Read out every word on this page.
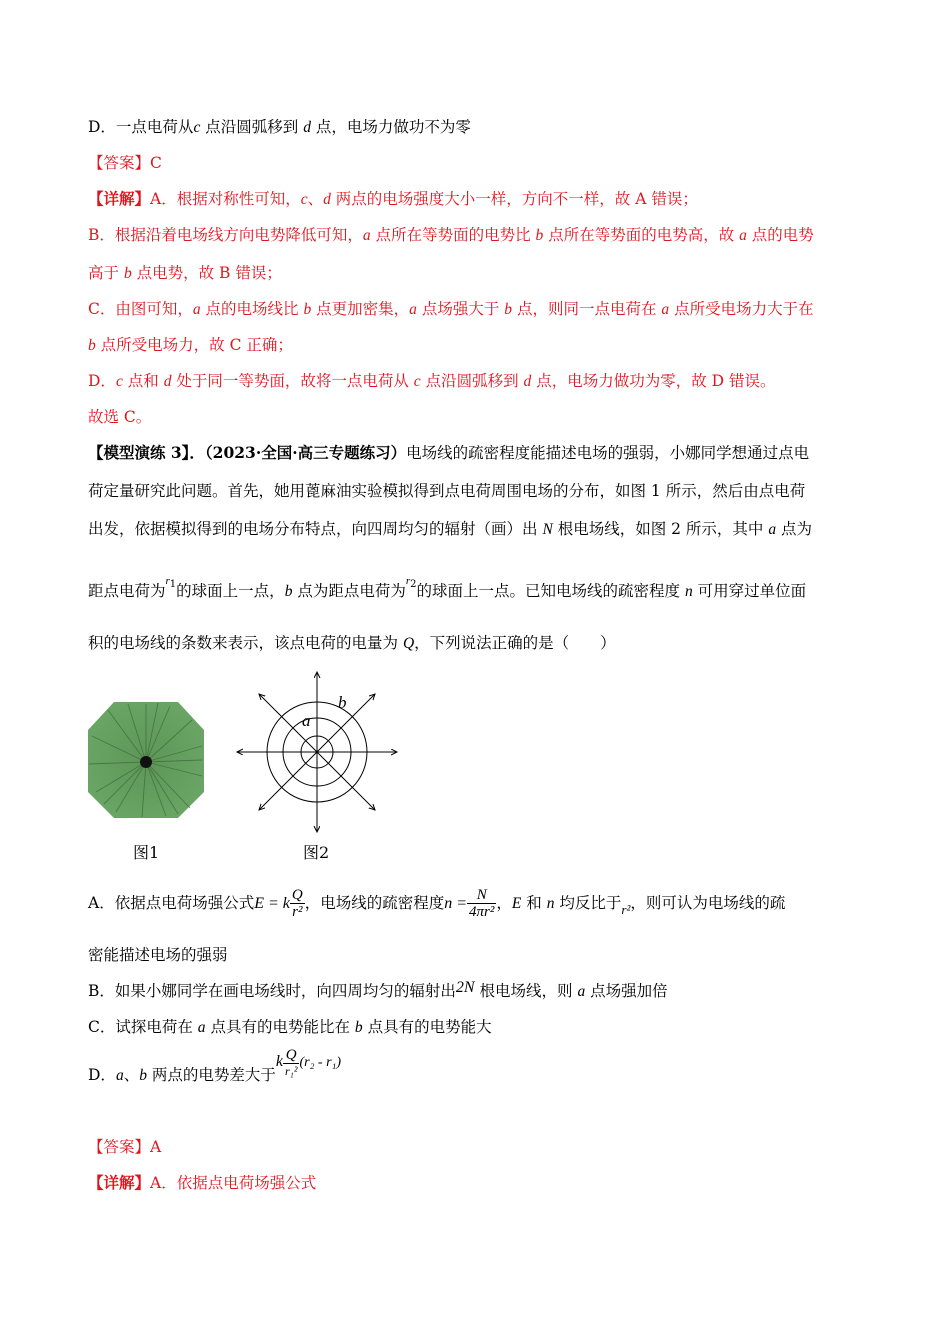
D．一点电荷从c 点沿圆弧移到 d 点，电场力做功不为零
【答案】C
【详解】A．根据对称性可知，c、d 两点的电场强度大小一样，方向不一样，故 A 错误；
B．根据沿着电场线方向电势降低可知，a 点所在等势面的电势比 b 点所在等势面的电势高，故 a 点的电势
高于 b 点电势，故 B 错误；
C．由图可知，a 点的电场线比 b 点更加密集，a 点场强大于 b 点，则同一点电荷在 a 点所受电场力大于在
b 点所受电场力，故 C 正确；
D．c 点和 d 处于同一等势面，故将一点电荷从 c 点沿圆弧移到 d 点，电场力做功为零，故 D 错误。
故选 C。
【模型演练 3】．（2023·全国·高三专题练习）电场线的疏密程度能描述电场的强弱，小娜同学想通过点电
荷定量研究此问题。首先，她用蓖麻油实验模拟得到点电荷周围电场的分布，如图 1 所示，然后由点电荷
出发，依据模拟得到的电场分布特点，向四周均匀的辐射（画）出 N 根电场线，如图 2 所示，其中 a 点为
距点电荷为$^{r_1}$的球面上一点，b 点为距点电荷为$^{r_2}$的球面上一点。已知电场线的疏密程度 n 可用穿过单位面
积的电场线的条数来表示，该点电荷的电量为 Q，下列说法正确的是（　　）
图1
a
b
图2
A．依据点电荷场强公式E = k $\frac{Q}{\text{r²}}$ ，电场线的疏密程度$n = \frac{N}{\text{4πr²}}$ ，E 和 n 均反比于$_{r^2}$，则可认为电场线的疏
密能描述电场的强弱
B．如果小娜同学在画电场线时，向四周均匀的辐射出2N 根电场线，则 a 点场强加倍
C．试探电荷在 a 点具有的电势能比在 b 点具有的电势能大
D．a、b 两点的电势差大于k $\frac{Q}{\text{r₁²}} (r_2 - r_1)$
【答案】A
【详解】A．依据点电荷场强公式
